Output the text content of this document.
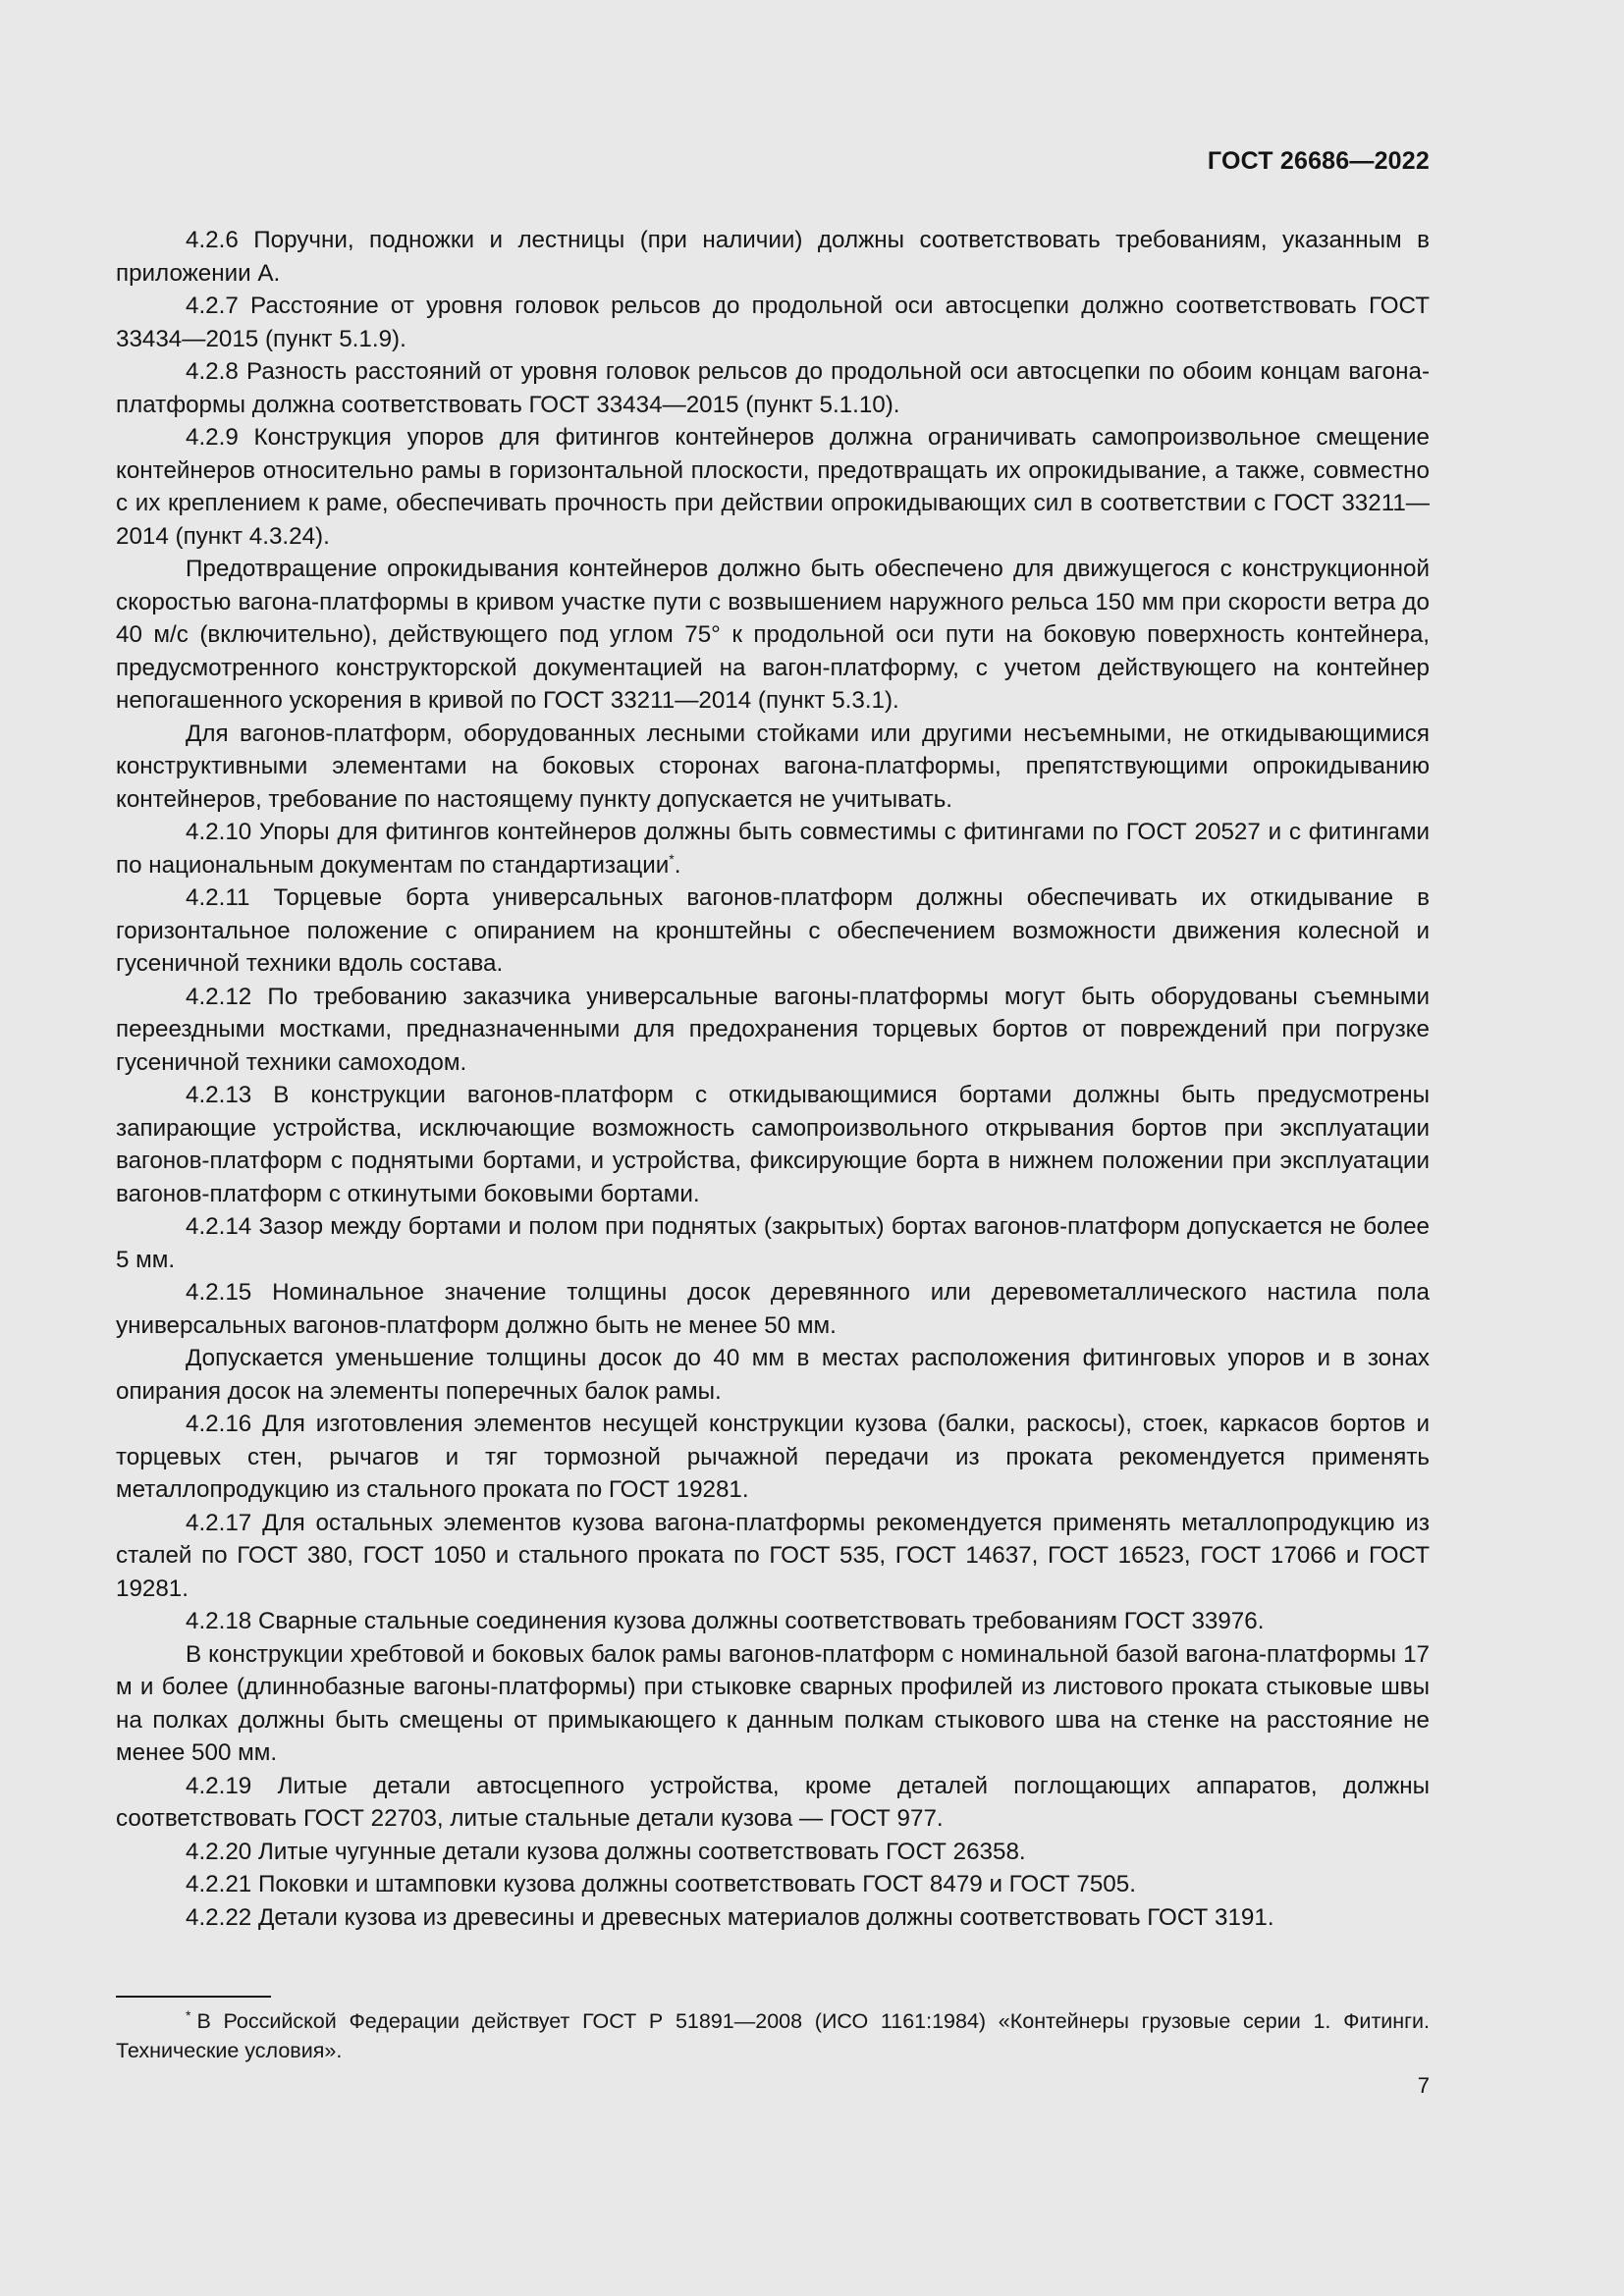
ГОСТ 26686—2022

4.2.6 Поручни, подножки и лестницы (при наличии) должны соответствовать требованиям, указанным в приложении А.

4.2.7 Расстояние от уровня головок рельсов до продольной оси автосцепки должно соответствовать ГОСТ 33434—2015 (пункт 5.1.9).

4.2.8 Разность расстояний от уровня головок рельсов до продольной оси автосцепки по обоим концам вагона-платформы должна соответствовать ГОСТ 33434—2015 (пункт 5.1.10).

4.2.9 Конструкция упоров для фитингов контейнеров должна ограничивать самопроизвольное смещение контейнеров относительно рамы в горизонтальной плоскости, предотвращать их опрокидывание, а также, совместно с их креплением к раме, обеспечивать прочность при действии опрокидывающих сил в соответствии с ГОСТ 33211—2014 (пункт 4.3.24).

Предотвращение опрокидывания контейнеров должно быть обеспечено для движущегося с конструкционной скоростью вагона-платформы в кривом участке пути с возвышением наружного рельса 150 мм при скорости ветра до 40 м/с (включительно), действующего под углом 75° к продольной оси пути на боковую поверхность контейнера, предусмотренного конструкторской документацией на вагон-платформу, с учетом действующего на контейнер непогашенного ускорения в кривой по ГОСТ 33211—2014 (пункт 5.3.1).

Для вагонов-платформ, оборудованных лесными стойками или другими несъемными, не откидывающимися конструктивными элементами на боковых сторонах вагона-платформы, препятствующими опрокидыванию контейнеров, требование по настоящему пункту допускается не учитывать.

4.2.10 Упоры для фитингов контейнеров должны быть совместимы с фитингами по ГОСТ 20527 и с фитингами по национальным документам по стандартизации*.

4.2.11 Торцевые борта универсальных вагонов-платформ должны обеспечивать их откидывание в горизонтальное положение с опиранием на кронштейны с обеспечением возможности движения колесной и гусеничной техники вдоль состава.

4.2.12 По требованию заказчика универсальные вагоны-платформы могут быть оборудованы съемными переездными мостками, предназначенными для предохранения торцевых бортов от повреждений при погрузке гусеничной техники самоходом.

4.2.13 В конструкции вагонов-платформ с откидывающимися бортами должны быть предусмотрены запирающие устройства, исключающие возможность самопроизвольного открывания бортов при эксплуатации вагонов-платформ с поднятыми бортами, и устройства, фиксирующие борта в нижнем положении при эксплуатации вагонов-платформ с откинутыми боковыми бортами.

4.2.14 Зазор между бортами и полом при поднятых (закрытых) бортах вагонов-платформ допускается не более 5 мм.

4.2.15 Номинальное значение толщины досок деревянного или деревометаллического настила пола универсальных вагонов-платформ должно быть не менее 50 мм.

Допускается уменьшение толщины досок до 40 мм в местах расположения фитинговых упоров и в зонах опирания досок на элементы поперечных балок рамы.

4.2.16 Для изготовления элементов несущей конструкции кузова (балки, раскосы), стоек, каркасов бортов и торцевых стен, рычагов и тяг тормозной рычажной передачи из проката рекомендуется применять металлопродукцию из стального проката по ГОСТ 19281.

4.2.17 Для остальных элементов кузова вагона-платформы рекомендуется применять металлопродукцию из сталей по ГОСТ 380, ГОСТ 1050 и стального проката по ГОСТ 535, ГОСТ 14637, ГОСТ 16523, ГОСТ 17066 и ГОСТ 19281.

4.2.18 Сварные стальные соединения кузова должны соответствовать требованиям ГОСТ 33976.

В конструкции хребтовой и боковых балок рамы вагонов-платформ с номинальной базой вагона-платформы 17 м и более (длиннобазные вагоны-платформы) при стыковке сварных профилей из листового проката стыковые швы на полках должны быть смещены от примыкающего к данным полкам стыкового шва на стенке на расстояние не менее 500 мм.

4.2.19 Литые детали автосцепного устройства, кроме деталей поглощающих аппаратов, должны соответствовать ГОСТ 22703, литые стальные детали кузова — ГОСТ 977.

4.2.20 Литые чугунные детали кузова должны соответствовать ГОСТ 26358.

4.2.21 Поковки и штамповки кузова должны соответствовать ГОСТ 8479 и ГОСТ 7505.

4.2.22 Детали кузова из древесины и древесных материалов должны соответствовать ГОСТ 3191.

* В Российской Федерации действует ГОСТ Р 51891—2008 (ИСО 1161:1984) «Контейнеры грузовые серии 1. Фитинги. Технические условия».

7
